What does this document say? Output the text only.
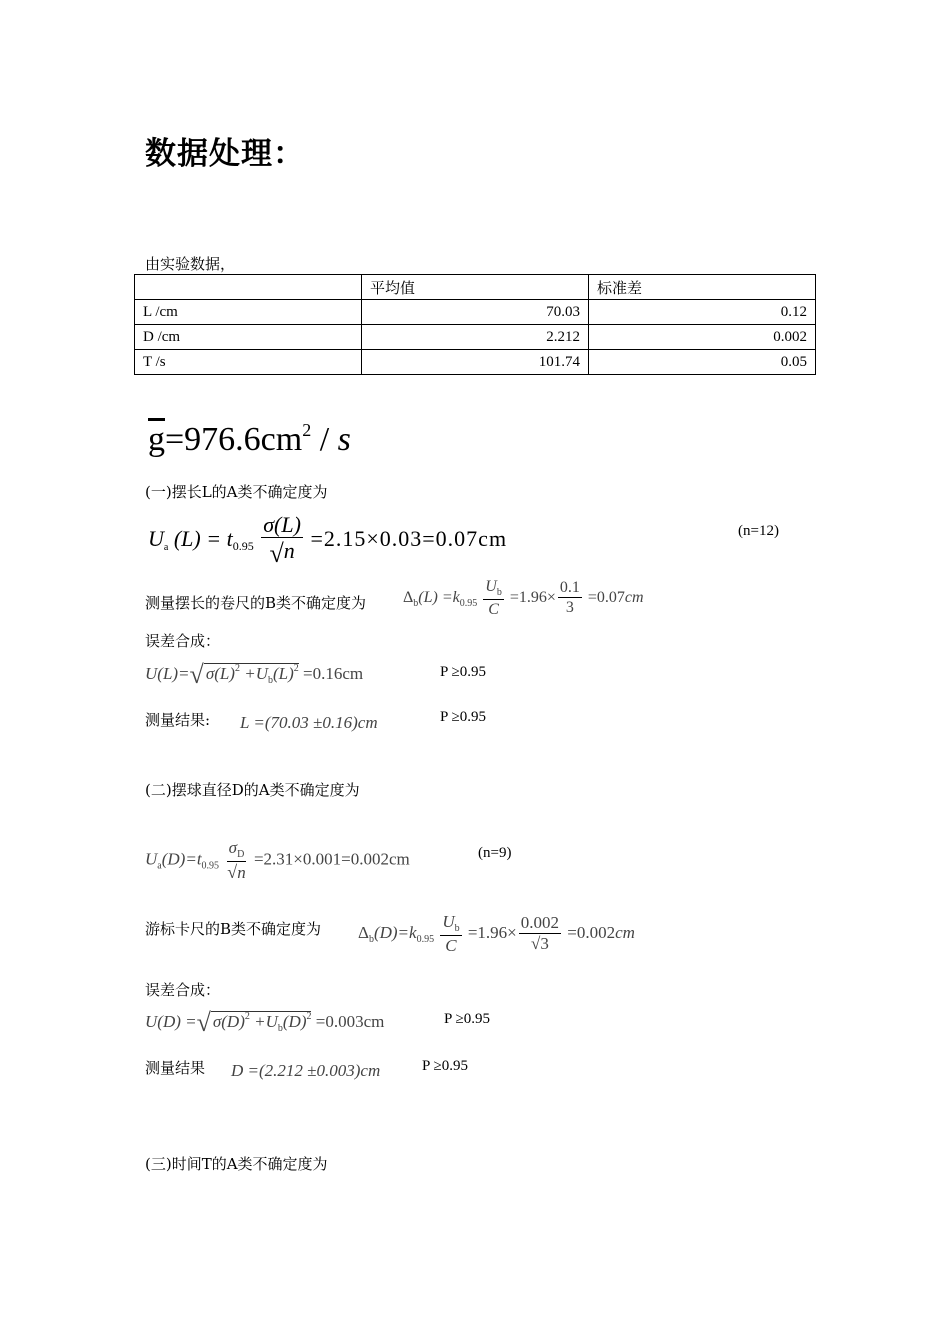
数据处理：
由实验数据，
	平均值	标准差
L /cm	70.03	0.12
D /cm	2.212	0.002
T /s	101.74	0.05
$\overline{g}=976.6cm^2 / s$
(一)摆长L的A类不确定度为
$U_a$ $(L) = t_{0.95} \frac{\sigma(L)}{√n} =2.15\times 0.03=0.07cm$	(n=12)
测量摆长的卷尺的B类不确定度为 $\Delta_b(L) =k_{0.95} \frac{U_b}{C} =1.96\times \frac{0.1}{3} =0.07cm$
误差合成：
U(L)=√ $\sigma(L)^2 +U_b(L)^2 =0.16cm$	P ≥0.95
测量结果: L =(70.03 ±0.16)cm	P ≥0.95
(二)摆球直径D的A类不确定度为
$U_a(D)=t_{0.95} \frac{\sigma_D}{√n} =2.31\times 0.001=0.002cm$	(n=9)
游标卡尺的B类不确定度为 $\Delta_b(D)=k_{0.95} \frac{U_b}{C} =1.96\times \frac{0.002}{√3} =0.002cm$
误差合成：
U(D) =√ $\sigma(D)^2 +U_b(D)^2 =0.003cm$	P ≥0.95
测量结果 D =(2.212 ±0.003)cm	P ≥0.95
(三)时间T的A类不确定度为
